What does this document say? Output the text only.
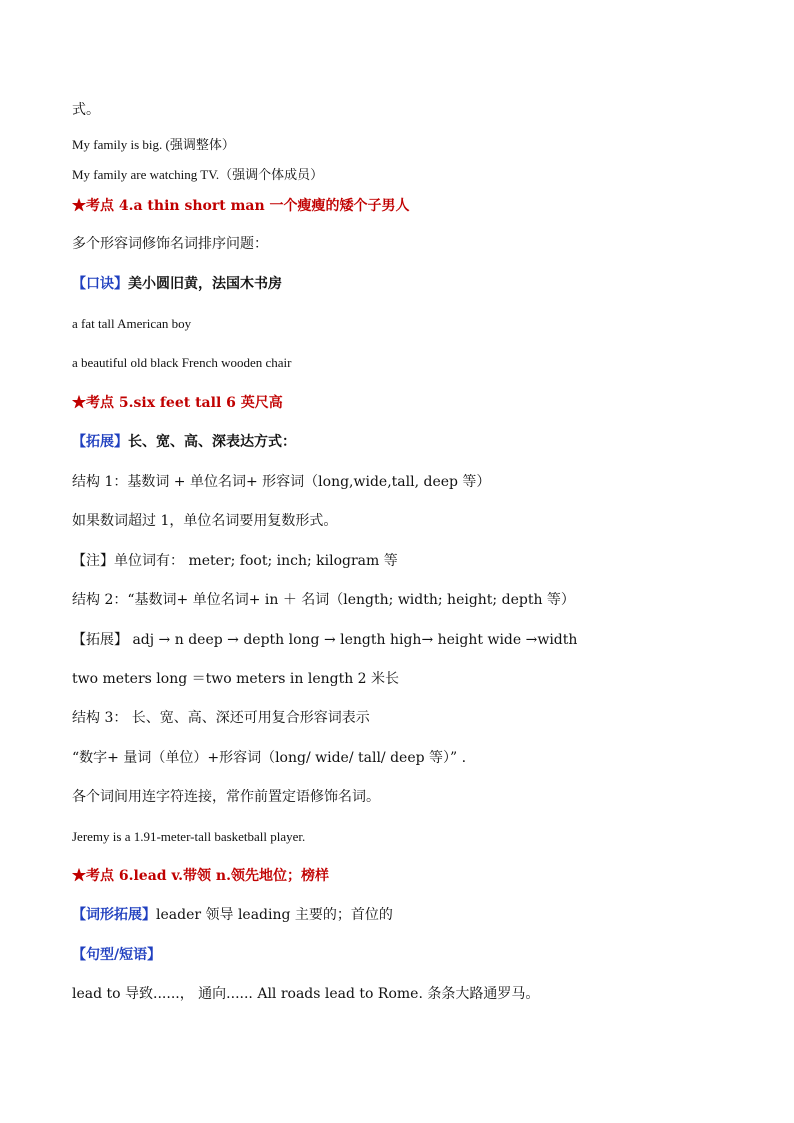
式。
My family is big. (强调整体）
My family are watching TV.（强调个体成员）
★考点 4.a thin short man 一个瘦瘦的矮个子男人
多个形容词修饰名词排序问题：
【口诀】美小圆旧黄，法国木书房
a fat tall American boy
a beautiful old black French wooden chair
★考点 5.six feet tall 6 英尺高
【拓展】长、宽、高、深表达方式：
结构 1：基数词 + 单位名词+ 形容词（long,wide,tall, deep 等）
如果数词超过 1，单位名词要用复数形式。
【注】单位词有： meter; foot; inch; kilogram 等
结构 2：“基数词+ 单位名词+ in ＋ 名词（length; width; height; depth 等）
【拓展】 adj → n deep → depth long → length high→ height wide →width
two meters long ＝two meters in length 2 米长
结构 3： 长、宽、高、深还可用复合形容词表示
“数字+ 量词（单位）+形容词（long/ wide/ tall/ deep 等）” .
各个词间用连字符连接，常作前置定语修饰名词。
Jeremy is a 1.91-meter-tall basketball player.
★考点 6.lead v.带领 n.领先地位；榜样
【词形拓展】leader 领导 leading 主要的；首位的
【句型/短语】
lead to 导致......， 通向...... All roads lead to Rome. 条条大路通罗马。
